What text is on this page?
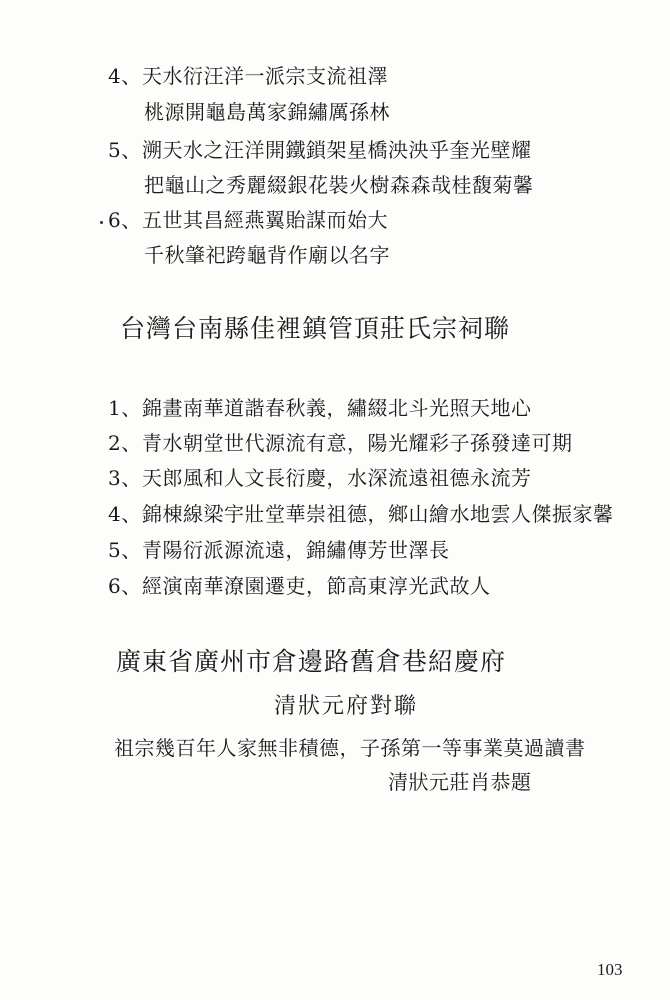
4、天水衍汪洋一派宗支流祖澤
桃源開龜島萬家錦繡厲孫林
5、溯天水之汪洋開鐵鎖架星橋泱泱乎奎光壁耀
把龜山之秀麗綴銀花裝火樹森森哉桂馥菊馨
6、五世其昌經燕翼貽謀而始大
千秋肇祀跨龜背作廟以名字
台灣台南縣佳裡鎮管頂莊氏宗祠聯
1、錦畫南華道諧春秋義，繡綴北斗光照天地心
2、青水朝堂世代源流有意，陽光耀彩子孫發達可期
3、天郎風和人文長衍慶，水深流遠祖德永流芳
4、錦棟線梁宇壯堂華崇祖德，鄉山繪水地雲人傑振家馨
5、青陽衍派源流遠，錦繡傳芳世澤長
6、經演南華潦園遷吏，節高東淳光武故人
廣東省廣州市倉邊路舊倉巷紹慶府
清狀元府對聯
祖宗幾百年人家無非積德，子孫第一等事業莫過讀書
清狀元莊肖恭題
103
